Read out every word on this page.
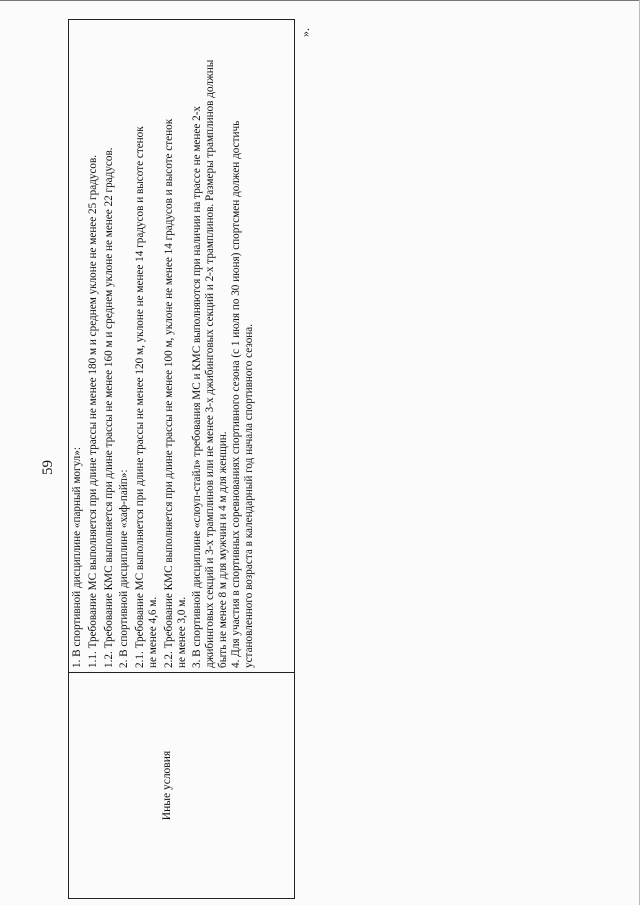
59
Иные условия

1. В спортивной дисциплине «парный могул»: 1.1. Требование МС выполняется при длине трассы не менее 180 м и среднем уклоне не менее 25 градусов. 1.2. Требование КМС выполняется при длине трассы не менее 160 м и среднем уклоне не менее 22 градусов. 2. В спортивной дисциплине «хаф-пайп»: 2.1. Требование МС выполняется при длине трассы не менее 120 м, уклоне не менее 14 градусов и высоте стенок не менее 4,6 м. 2.2. Требование КМС выполняется при длине трассы не менее 100 м, уклоне не менее 14 градусов и высоте стенок не менее 3,0 м. 3. В спортивной дисциплине «слоуп-стайл» требования МС и КМС выполняются при наличии на трассе не менее 2-х джибинговых секций и 3-х трамплинов или не менее 3-х джибинговых секций и 2-х трамплинов. Размеры трамплинов должны быть не менее 8 м для мужчин и 4 м для женщин. 4. Для участия в спортивных соревнованиях спортивного сезона (с 1 июля по 30 июня) спортсмен должен достичь установленного возраста в календарный год начала спортивного сезона.

».
